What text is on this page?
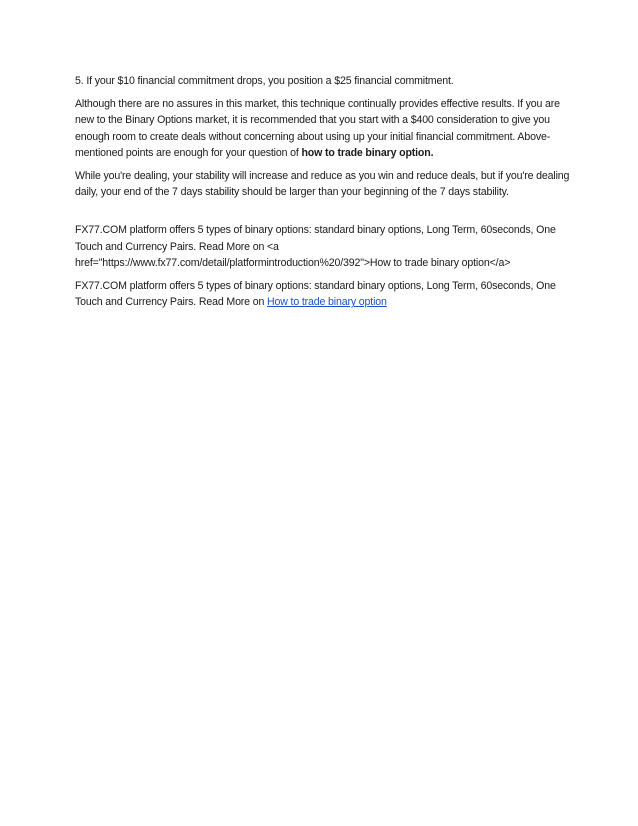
5. If your $10 financial commitment drops, you position a $25 financial commitment.

Although there are no assures in this market, this technique continually provides effective results. If you are new to the Binary Options market, it is recommended that you start with a $400 consideration to give you enough room to create deals without concerning about using up your initial financial commitment. Above-mentioned points are enough for your question of how to trade binary option.

While you're dealing, your stability will increase and reduce as you win and reduce deals, but if you're dealing daily, your end of the 7 days stability should be larger than your beginning of the 7 days stability.

FX77.COM platform offers 5 types of binary options: standard binary options, Long Term, 60seconds, One Touch and Currency Pairs. Read More on <a href="https://www.fx77.com/detail/platformintroduction%20/392">How to trade binary option</a>

FX77.COM platform offers 5 types of binary options: standard binary options, Long Term, 60seconds, One Touch and Currency Pairs. Read More on How to trade binary option
